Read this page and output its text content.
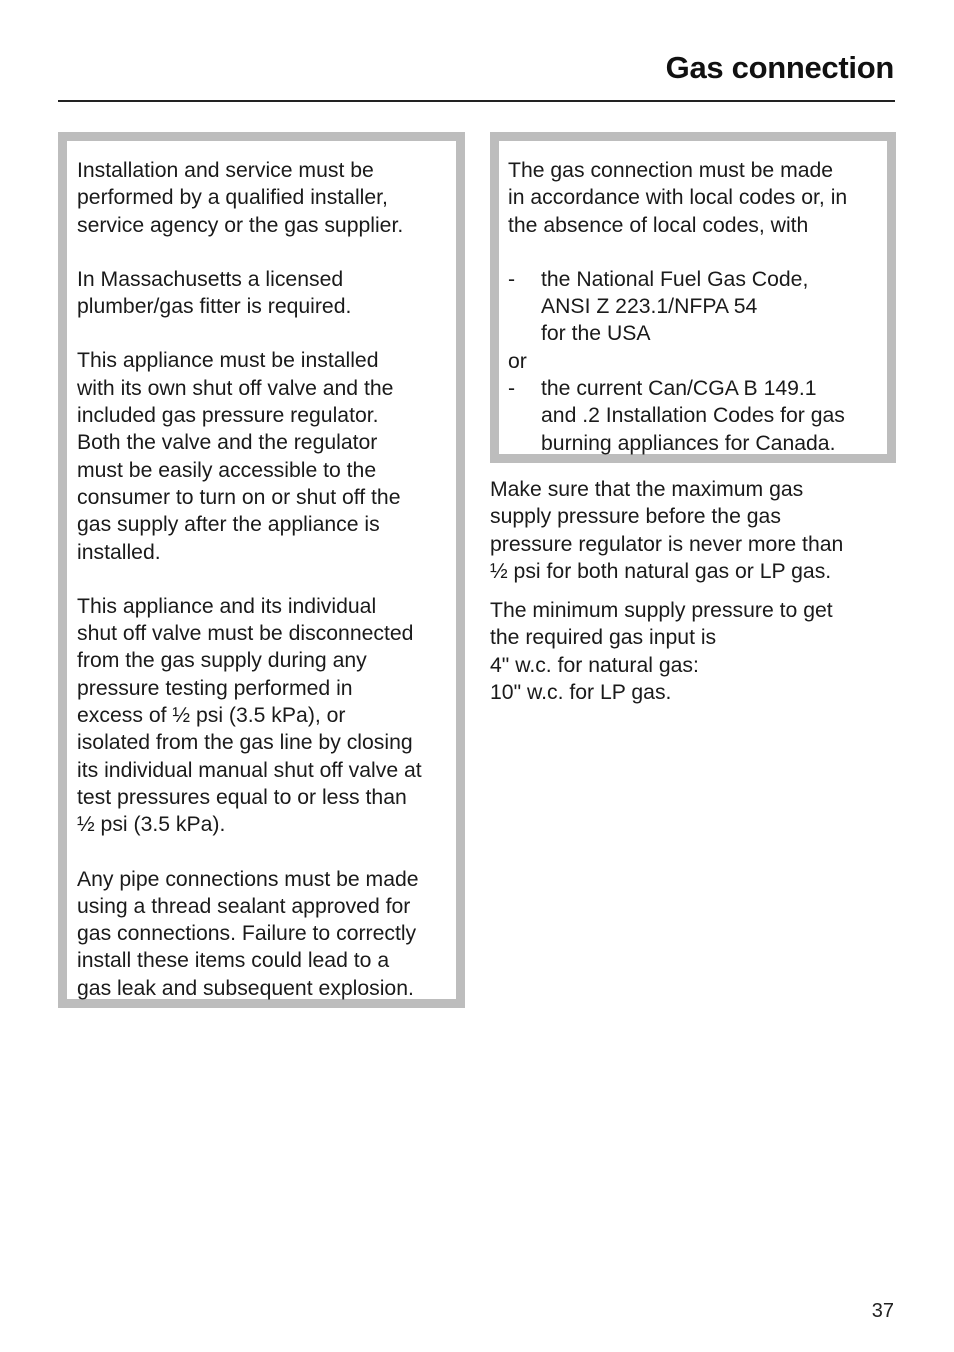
Gas connection

Installation and service must be
performed by a qualified installer,
service agency or the gas supplier.

In Massachusetts a licensed
plumber/gas fitter is required.

This appliance must be installed
with its own shut off valve and the
included gas pressure regulator.
Both the valve and the regulator
must be easily accessible to the
consumer to turn on or shut off the
gas supply after the appliance is
installed.

This appliance and its individual
shut off valve must be disconnected
from the gas supply during any
pressure testing performed in
excess of ½ psi (3.5 kPa), or
isolated from the gas line by closing
its individual manual shut off valve at
test pressures equal to or less than
½ psi (3.5 kPa).

Any pipe connections must be made
using a thread sealant approved for
gas connections. Failure to correctly
install these items could lead to a
gas leak and subsequent explosion.

The gas connection must be made
in accordance with local codes or, in
the absence of local codes, with

- the National Fuel Gas Code,
ANSI Z 223.1/NFPA 54
for the USA
or
- the current Can/CGA B 149.1
and .2 Installation Codes for gas
burning appliances for Canada.

Make sure that the maximum gas
supply pressure before the gas
pressure regulator is never more than
½ psi for both natural gas or LP gas.

The minimum supply pressure to get
the required gas input is
4" w.c. for natural gas:
10" w.c. for LP gas.

37
